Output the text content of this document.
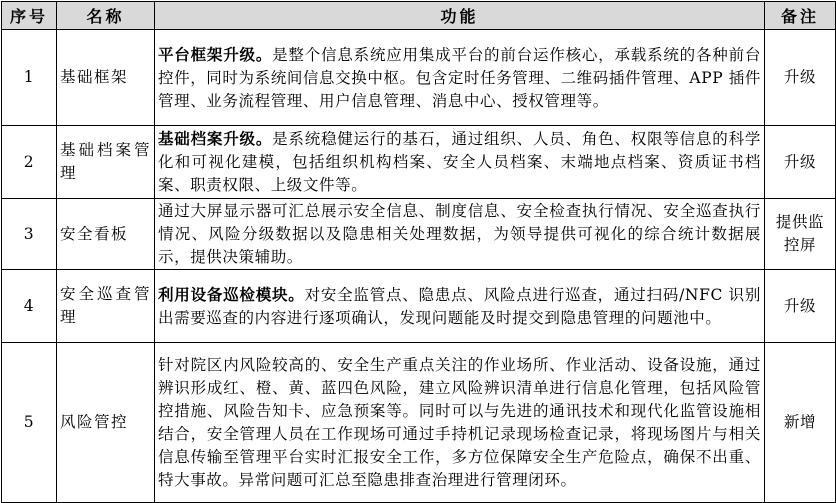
序号	名称	功能	备注
1	基础框架	平台框架升级。是整个信息系统应用集成平台的前台运作核心，承载系统的各种前台控件，同时为系统间信息交换中枢。包含定时任务管理、二维码插件管理、APP 插件管理、业务流程管理、用户信息管理、消息中心、授权管理等。	升级
2	基础档案管理	基础档案升级。是系统稳健运行的基石，通过组织、人员、角色、权限等信息的科学化和可视化建模，包括组织机构档案、安全人员档案、末端地点档案、资质证书档案、职责权限、上级文件等。	升级
3	安全看板	通过大屏显示器可汇总展示安全信息、制度信息、安全检查执行情况、安全巡查执行情况、风险分级数据以及隐患相关处理数据，为领导提供可视化的综合统计数据展示，提供决策辅助。	提供监控屏
4	安全巡查管理	利用设备巡检模块。对安全监管点、隐患点、风险点进行巡查，通过扫码/NFC 识别出需要巡查的内容进行逐项确认，发现问题能及时提交到隐患管理的问题池中。	升级
5	风险管控	针对院区内风险较高的、安全生产重点关注的作业场所、作业活动、设备设施，通过辨识形成红、橙、黄、蓝四色风险，建立风险辨识清单进行信息化管理，包括风险管控措施、风险告知卡、应急预案等。同时可以与先进的通讯技术和现代化监管设施相结合，安全管理人员在工作现场可通过手持机记录现场检查记录，将现场图片与相关信息传输至管理平台实时汇报安全工作，多方位保障安全生产危险点，确保不出重、特大事故。异常问题可汇总至隐患排查治理进行管理闭环。	新增
